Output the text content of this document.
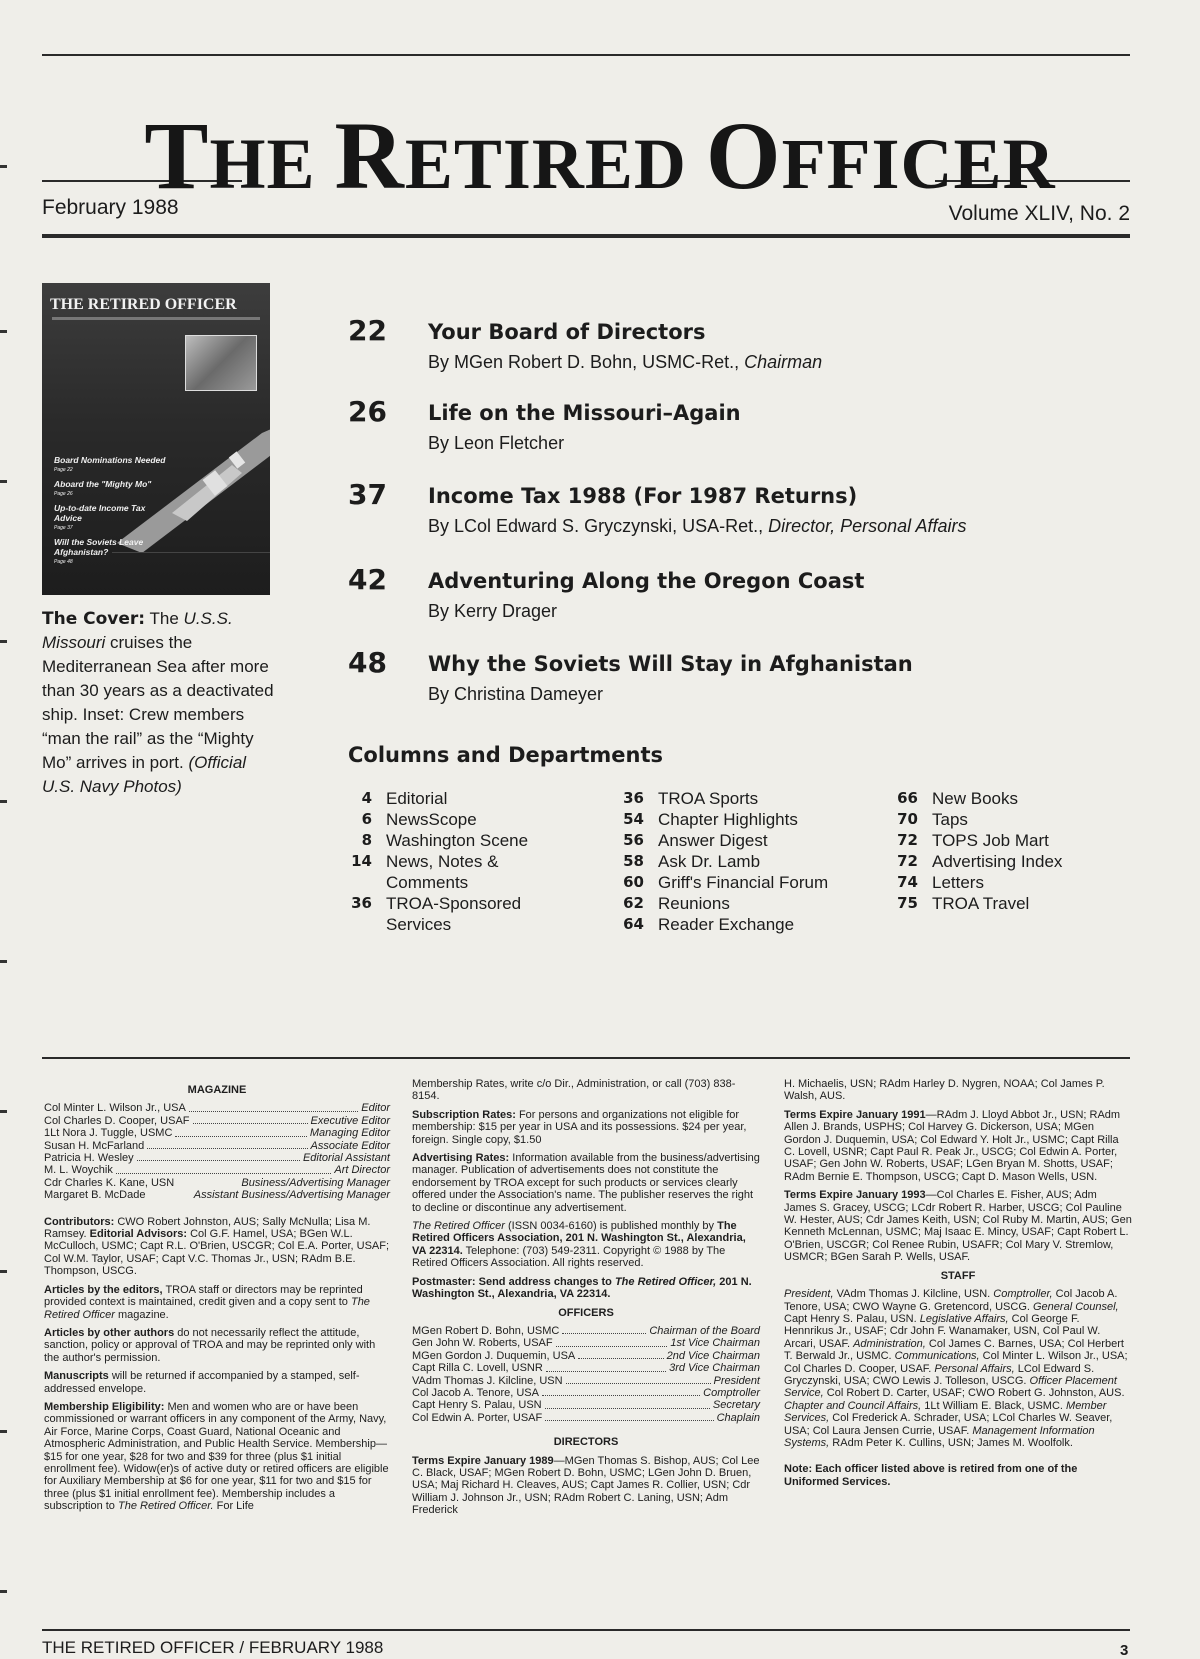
THE RETIRED OFFICER
February 1988	Volume XLIV, No. 2
THE RETIRED OFFICER
Board Nominations Needed
Page 22
Aboard the "Mighty Mo"
Page 26
Up-to-date Income Tax Advice
Page 37
Will the Soviets Leave Afghanistan?
Page 48
The Cover: The U.S.S. Missouri cruises the Mediterranean Sea after more than 30 years as a deactivated ship. Inset: Crew members “man the rail” as the “Mighty Mo” arrives in port. (Official U.S. Navy Photos)
22 Your Board of Directors
By MGen Robert D. Bohn, USMC-Ret., Chairman
26 Life on the Missouri–Again
By Leon Fletcher
37 Income Tax 1988 (For 1987 Returns)
By LCol Edward S. Gryczynski, USA-Ret., Director, Personal Affairs
42 Adventuring Along the Oregon Coast
By Kerry Drager
48 Why the Soviets Will Stay in Afghanistan
By Christina Dameyer
Columns and Departments
4 Editorial
6 NewsScope
8 Washington Scene
14 News, Notes & Comments
36 TROA-Sponsored Services
36 TROA Sports
54 Chapter Highlights
56 Answer Digest
58 Ask Dr. Lamb
60 Griff's Financial Forum
62 Reunions
64 Reader Exchange
66 New Books
70 Taps
72 TOPS Job Mart
72 Advertising Index
74 Letters
75 TROA Travel
MAGAZINE
Col Minter L. Wilson Jr., USA	Editor
Col Charles D. Cooper, USAF	Executive Editor
1Lt Nora J. Tuggle, USMC	Managing Editor
Susan H. McFarland	Associate Editor
Patricia H. Wesley	Editorial Assistant
M. L. Woychik	Art Director
Cdr Charles K. Kane, USN	Business/Advertising Manager
Margaret B. McDade	Assistant Business/Advertising Manager

Contributors: CWO Robert Johnston, AUS; Sally McNulla; Lisa M. Ramsey. Editorial Advisors: Col G.F. Hamel, USA; BGen W.L. McCulloch, USMC; Capt R.L. O'Brien, USCGR; Col E.A. Porter, USAF; Col W.M. Taylor, USAF; Capt V.C. Thomas Jr., USN; RAdm B.E. Thompson, USCG.

Articles by the editors, TROA staff or directors may be reprinted provided context is maintained, credit given and a copy sent to The Retired Officer magazine.

Articles by other authors do not necessarily reflect the attitude, sanction, policy or approval of TROA and may be reprinted only with the author's permission.

Manuscripts will be returned if accompanied by a stamped, self-addressed envelope.

Membership Eligibility: Men and women who are or have been commissioned or warrant officers in any component of the Army, Navy, Air Force, Marine Corps, Coast Guard, National Oceanic and Atmospheric Administration, and Public Health Service. Membership—$15 for one year, $28 for two and $39 for three (plus $1 initial enrollment fee). Widow(er)s of active duty or retired officers are eligible for Auxiliary Membership at $6 for one year, $11 for two and $15 for three (plus $1 initial enrollment fee). Membership includes a subscription to The Retired Officer. For Life

Membership Rates, write c/o Dir., Administration, or call (703) 838-8154.

Subscription Rates: For persons and organizations not eligible for membership: $15 per year in USA and its possessions. $24 per year, foreign. Single copy, $1.50

Advertising Rates: Information available from the business/advertising manager. Publication of advertisements does not constitute the endorsement by TROA except for such products or services clearly offered under the Association's name. The publisher reserves the right to decline or discontinue any advertisement.

The Retired Officer (ISSN 0034-6160) is published monthly by The Retired Officers Association, 201 N. Washington St., Alexandria, VA 22314. Telephone: (703) 549-2311. Copyright © 1988 by The Retired Officers Association. All rights reserved.

Postmaster: Send address changes to The Retired Officer, 201 N. Washington St., Alexandria, VA 22314.

OFFICERS
MGen Robert D. Bohn, USMC	Chairman of the Board
Gen John W. Roberts, USAF	1st Vice Chairman
MGen Gordon J. Duquemin, USA	2nd Vice Chairman
Capt Rilla C. Lovell, USNR	3rd Vice Chairman
VAdm Thomas J. Kilcline, USN	President
Col Jacob A. Tenore, USA	Comptroller
Capt Henry S. Palau, USN	Secretary
Col Edwin A. Porter, USAF	Chaplain
DIRECTORS

Terms Expire January 1989—MGen Thomas S. Bishop, AUS; Col Lee C. Black, USAF; MGen Robert D. Bohn, USMC; LGen John D. Bruen, USA; Maj Richard H. Cleaves, AUS; Capt James R. Collier, USN; Cdr William J. Johnson Jr., USN; RAdm Robert C. Laning, USN; Adm Frederick

H. Michaelis, USN; RAdm Harley D. Nygren, NOAA; Col James P. Walsh, AUS.

Terms Expire January 1991—RAdm J. Lloyd Abbot Jr., USN; RAdm Allen J. Brands, USPHS; Col Harvey G. Dickerson, USA; MGen Gordon J. Duquemin, USA; Col Edward Y. Holt Jr., USMC; Capt Rilla C. Lovell, USNR; Capt Paul R. Peak Jr., USCG; Col Edwin A. Porter, USAF; Gen John W. Roberts, USAF; LGen Bryan M. Shotts, USAF; RAdm Bernie E. Thompson, USCG; Capt D. Mason Wells, USN.

Terms Expire January 1993—Col Charles E. Fisher, AUS; Adm James S. Gracey, USCG; LCdr Robert R. Harber, USCG; Col Pauline W. Hester, AUS; Cdr James Keith, USN; Col Ruby M. Martin, AUS; Gen Kenneth McLennan, USMC; Maj Isaac E. Mincy, USAF; Capt Robert L. O'Brien, USCGR; Col Renee Rubin, USAFR; Col Mary V. Stremlow, USMCR; BGen Sarah P. Wells, USAF.

STAFF

President, VAdm Thomas J. Kilcline, USN. Comptroller, Col Jacob A. Tenore, USA; CWO Wayne G. Gretencord, USCG. General Counsel, Capt Henry S. Palau, USN. Legislative Affairs, Col George F. Hennrikus Jr., USAF; Cdr John F. Wanamaker, USN, Col Paul W. Arcari, USAF. Administration, Col James C. Barnes, USA; Col Herbert T. Berwald Jr., USMC. Communications, Col Minter L. Wilson Jr., USA; Col Charles D. Cooper, USAF. Personal Affairs, LCol Edward S. Gryczynski, USA; CWO Lewis J. Tolleson, USCG. Officer Placement Service, Col Robert D. Carter, USAF; CWO Robert G. Johnston, AUS. Chapter and Council Affairs, 1Lt William E. Black, USMC. Member Services, Col Frederick A. Schrader, USA; LCol Charles W. Seaver, USA; Col Laura Jensen Currie, USAF. Management Information Systems, RAdm Peter K. Cullins, USN; James M. Woolfolk.

Note: Each officer listed above is retired from one of the Uniformed Services.

THE RETIRED OFFICER / FEBRUARY 1988	3
